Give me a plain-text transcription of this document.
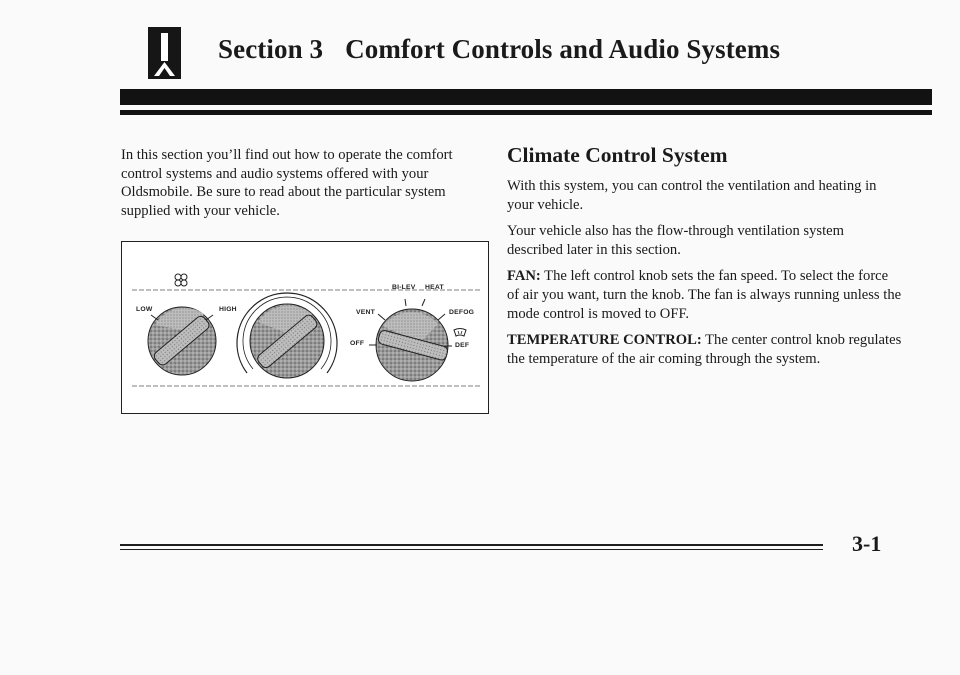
Section 3 Comfort Controls and Audio Systems
In this section you’ll find out how to operate the comfort control systems and audio systems offered with your Oldsmobile. Be sure to read about the particular system supplied with your vehicle.
LOW	HIGH
BI-LEV HEAT
VENT	DEFOG
OFF	DEF
Climate Control System

With this system, you can control the ventilation and heating in your vehicle.

Your vehicle also has the flow-through ventilation system described later in this section.

FAN: The left control knob sets the fan speed. To select the force of air you want, turn the knob. The fan is always running unless the mode control is moved to OFF.

TEMPERATURE CONTROL: The center control knob regulates the temperature of the air coming through the system.

3-1
